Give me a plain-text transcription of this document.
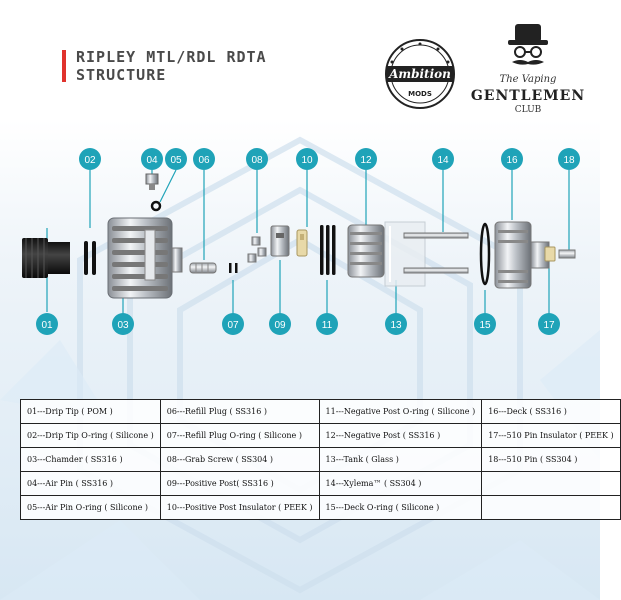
RIPLEY MTL/RDL RDTA
STRUCTURE	Ambition
MODS
The Vaping
GENTLEMEN
CLUB
01
02
03
04 05 06
07
08
09
10
11
12
13
14
15
16
17
18
01---Drip Tip ( POM )	06---Refill Plug ( SS316 )	11---Negative Post O-ring ( Silicone )	16---Deck ( SS316 )
02---Drip Tip O-ring ( Silicone )	07---Refill Plug O-ring ( Silicone )	12---Negative Post ( SS316 )	17---510 Pin Insulator ( PEEK )
03---Chamder ( SS316 )	08---Grab Screw ( SS304 )	13---Tank ( Glass )	18---510 Pin ( SS304 )
04---Air Pin ( SS316 )	09---Positive Post( SS316 )	14---Xylema™ ( SS304 )	
05---Air Pin O-ring ( Silicone )	10---Positive Post Insulator ( PEEK )	15---Deck O-ring ( Silicone )	
